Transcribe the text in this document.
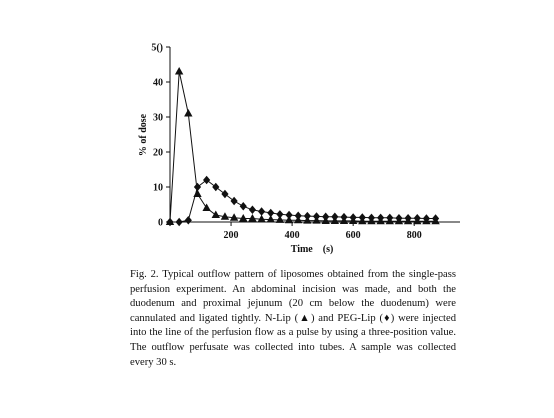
0
10
20
30
40
5()
200	400	600	800
% of dose
Time    (s)

Fig. 2. Typical outflow pattern of liposomes obtained from the single-pass perfusion experiment. An abdominal incision was made, and both the duodenum and proximal jejunum (20 cm below the duodenum) were cannulated and ligated tightly. N-Lip (▲) and PEG-Lip (♦) were injected into the line of the perfusion flow as a pulse by using a three-position value. The outflow perfusate was collected into tubes. A sample was collected every 30 s.
